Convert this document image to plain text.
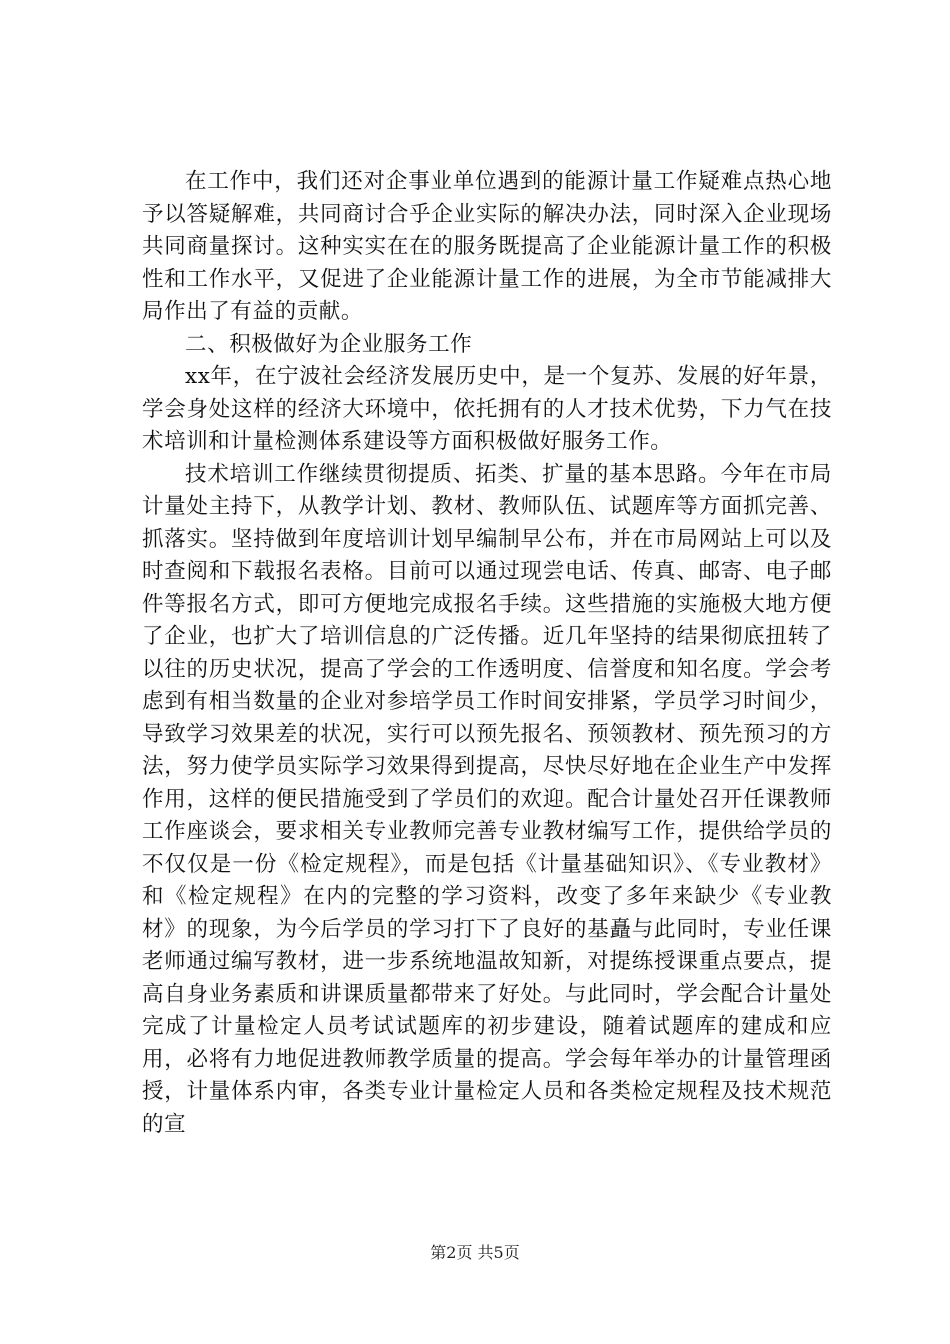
在工作中，我们还对企事业单位遇到的能源计量工作疑难点热心地予以答疑解难，共同商讨合乎企业实际的解决办法，同时深入企业现场共同商量探讨。这种实实在在的服务既提高了企业能源计量工作的积极性和工作水平，又促进了企业能源计量工作的进展，为全市节能减排大局作出了有益的贡献。

二、积极做好为企业服务工作

xx年，在宁波社会经济发展历史中，是一个复苏、发展的好年景，学会身处这样的经济大环境中，依托拥有的人才技术优势，下力气在技术培训和计量检测体系建设等方面积极做好服务工作。

技术培训工作继续贯彻提质、拓类、扩量的基本思路。今年在市局计量处主持下，从教学计划、教材、教师队伍、试题库等方面抓完善、抓落实。坚持做到年度培训计划早编制早公布，并在市局网站上可以及时查阅和下载报名表格。目前可以通过现尝电话、传真、邮寄、电子邮件等报名方式，即可方便地完成报名手续。这些措施的实施极大地方便了企业，也扩大了培训信息的广泛传播。近几年坚持的结果彻底扭转了以往的历史状况，提高了学会的工作透明度、信誉度和知名度。学会考虑到有相当数量的企业对参培学员工作时间安排紧，学员学习时间少，导致学习效果差的状况，实行可以预先报名、预领教材、预先预习的方法，努力使学员实际学习效果得到提高，尽快尽好地在企业生产中发挥作用，这样的便民措施受到了学员们的欢迎。配合计量处召开任课教师工作座谈会，要求相关专业教师完善专业教材编写工作，提供给学员的不仅仅是一份《检定规程》，而是包括《计量基础知识》、《专业教材》和《检定规程》在内的完整的学习资料，改变了多年来缺少《专业教材》的现象，为今后学员的学习打下了良好的基矗与此同时，专业任课老师通过编写教材，进一步系统地温故知新，对提练授课重点要点，提高自身业务素质和讲课质量都带来了好处。与此同时，学会配合计量处完成了计量检定人员考试试题库的初步建设，随着试题库的建成和应用，必将有力地促进教师教学质量的提高。学会每年举办的计量管理函授，计量体系内审，各类专业计量检定人员和各类检定规程及技术规范的宣

第2页 共5页
